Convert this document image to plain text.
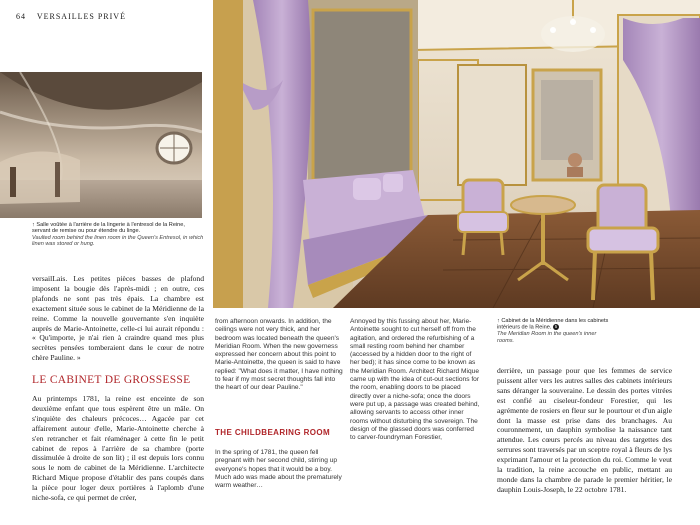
64 VERSAILLES PRIVÉ
↑ Salle voûtée à l'arrière de la lingerie à l'entresol de la Reine, servant de remise ou pour étendre du linge.
Vaulted room behind the linen room in the Queen's Entresol, in which linen was stored or hung.
versailLais. Les petites pièces basses de plafond imposent la bougie dès l'après-midi ; en outre, ces plafonds ne sont pas très épais. La chambre est exactement située sous le cabinet de la Méridienne de la reine. Comme la nouvelle gouvernante s'en inquiète auprès de Marie-Antoinette, celle-ci lui aurait répondu : « Qu'importe, je n'ai rien à craindre quand mes plus secrètes pensées tomberaient dans le cœur de notre chère Pauline. »
LE CABINET DE GROSSESSE
Au printemps 1781, la reine est enceinte de son deuxième enfant que tous espèrent être un mâle. On s'inquiète des chaleurs précoces… Agacée par cet affairement autour d'elle, Marie-Antoinette cherche à s'en retrancher et fait réaménager à cette fin le petit cabinet de repos à l'arrière de sa chambre (porte dissimulée à droite de son lit) ; il est depuis lors connu sous le nom de cabinet de la Méridienne. L'architecte Richard Mique propose d'établir des pans coupés dans la pièce pour loger deux portières à l'aplomb d'une niche-sofa, ce qui permet de créer,
from afternoon onwards. In addition, the ceilings were not very thick, and her bedroom was located beneath the queen's Meridian Room. When the new governess expressed her concern about this point to Marie-Antoinette, the queen is said to have replied: "What does it matter, I have nothing to fear if my most secret thoughts fall into the heart of our dear Pauline."
THE CHILDBEARING ROOM
In the spring of 1781, the queen fell pregnant with her second child, stirring up everyone's hopes that it would be a boy. Much ado was made about the prematurely warm weather…
Annoyed by this fussing about her, Marie-Antoinette sought to cut herself off from the agitation, and ordered the refurbishing of a small resting room behind her chamber (accessed by a hidden door to the right of her bed); it has since come to be known as the Meridian Room. Architect Richard Mique came up with the idea of cut-out sections for the room, enabling doors to be placed directly over a niche-sofa; once the doors were put up, a passage was created behind, allowing servants to access other inner rooms without disturbing the sovereign. The design of the glassed doors was conferred to carver-foundryman Forestier,
↑ Cabinet de la Méridienne dans les cabinets intérieurs de la Reine. 5
The Meridian Room in the queen's inner rooms.
derrière, un passage pour que les femmes de service puissent aller vers les autres salles des cabinets intérieurs sans déranger la souveraine. Le dessin des portes vitrées est confié au ciseleur-fondeur Forestier, qui les agrémente de rosiers en fleur sur le pourtour et d'un aigle dont la masse est prise dans des branchages. Au couronnement, un dauphin symbolise la naissance tant attendue. Les cœurs percés au niveau des targettes des serrures sont traversés par un sceptre royal à fleurs de lys exprimant l'amour et la protection du roi. Comme le veut la tradition, la reine accouche en public, mettant au monde dans la chambre de parade le premier héritier, le dauphin Louis-Joseph, le 22 octobre 1781.
